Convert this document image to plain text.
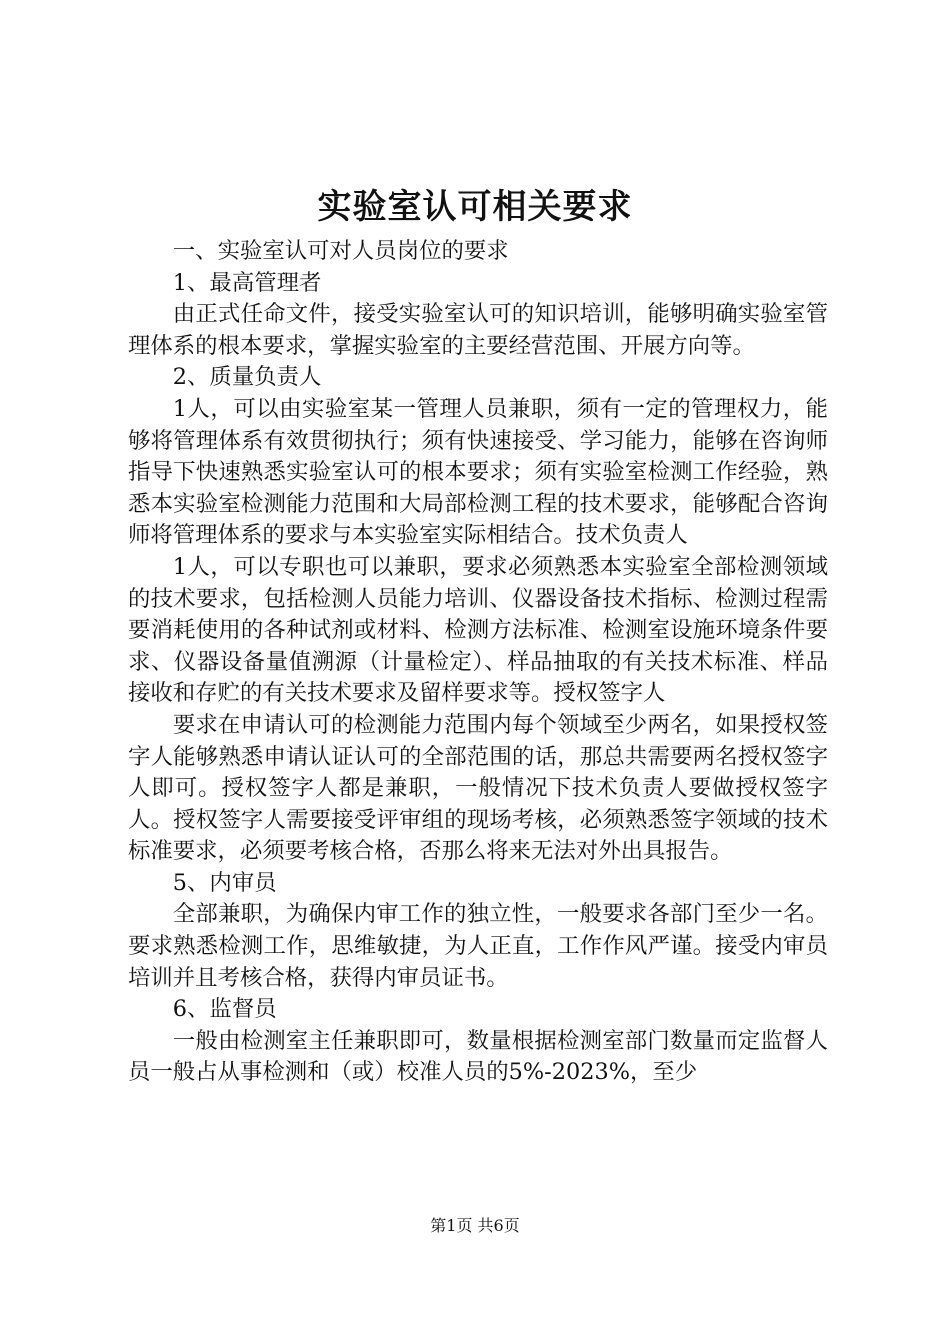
实验室认可相关要求

一、实验室认可对人员岗位的要求

1、最高管理者

由正式任命文件，接受实验室认可的知识培训，能够明确实验室管理体系的根本要求，掌握实验室的主要经营范围、开展方向等。

2、质量负责人

1人，可以由实验室某一管理人员兼职，须有一定的管理权力，能够将管理体系有效贯彻执行；须有快速接受、学习能力，能够在咨询师指导下快速熟悉实验室认可的根本要求；须有实验室检测工作经验，熟悉本实验室检测能力范围和大局部检测工程的技术要求，能够配合咨询师将管理体系的要求与本实验室实际相结合。技术负责人

1人，可以专职也可以兼职，要求必须熟悉本实验室全部检测领域的技术要求，包括检测人员能力培训、仪器设备技术指标、检测过程需要消耗使用的各种试剂或材料、检测方法标准、检测室设施环境条件要求、仪器设备量值溯源（计量检定）、样品抽取的有关技术标准、样品接收和存贮的有关技术要求及留样要求等。授权签字人

要求在申请认可的检测能力范围内每个领域至少两名，如果授权签字人能够熟悉申请认证认可的全部范围的话，那总共需要两名授权签字人即可。授权签字人都是兼职，一般情况下技术负责人要做授权签字人。授权签字人需要接受评审组的现场考核，必须熟悉签字领域的技术标准要求，必须要考核合格，否那么将来无法对外出具报告。

5、内审员

全部兼职，为确保内审工作的独立性，一般要求各部门至少一名。要求熟悉检测工作，思维敏捷，为人正直，工作作风严谨。接受内审员培训并且考核合格，获得内审员证书。

6、监督员

一般由检测室主任兼职即可，数量根据检测室部门数量而定监督人员一般占从事检测和（或）校准人员的5%-2023%，至少

第1页 共6页
